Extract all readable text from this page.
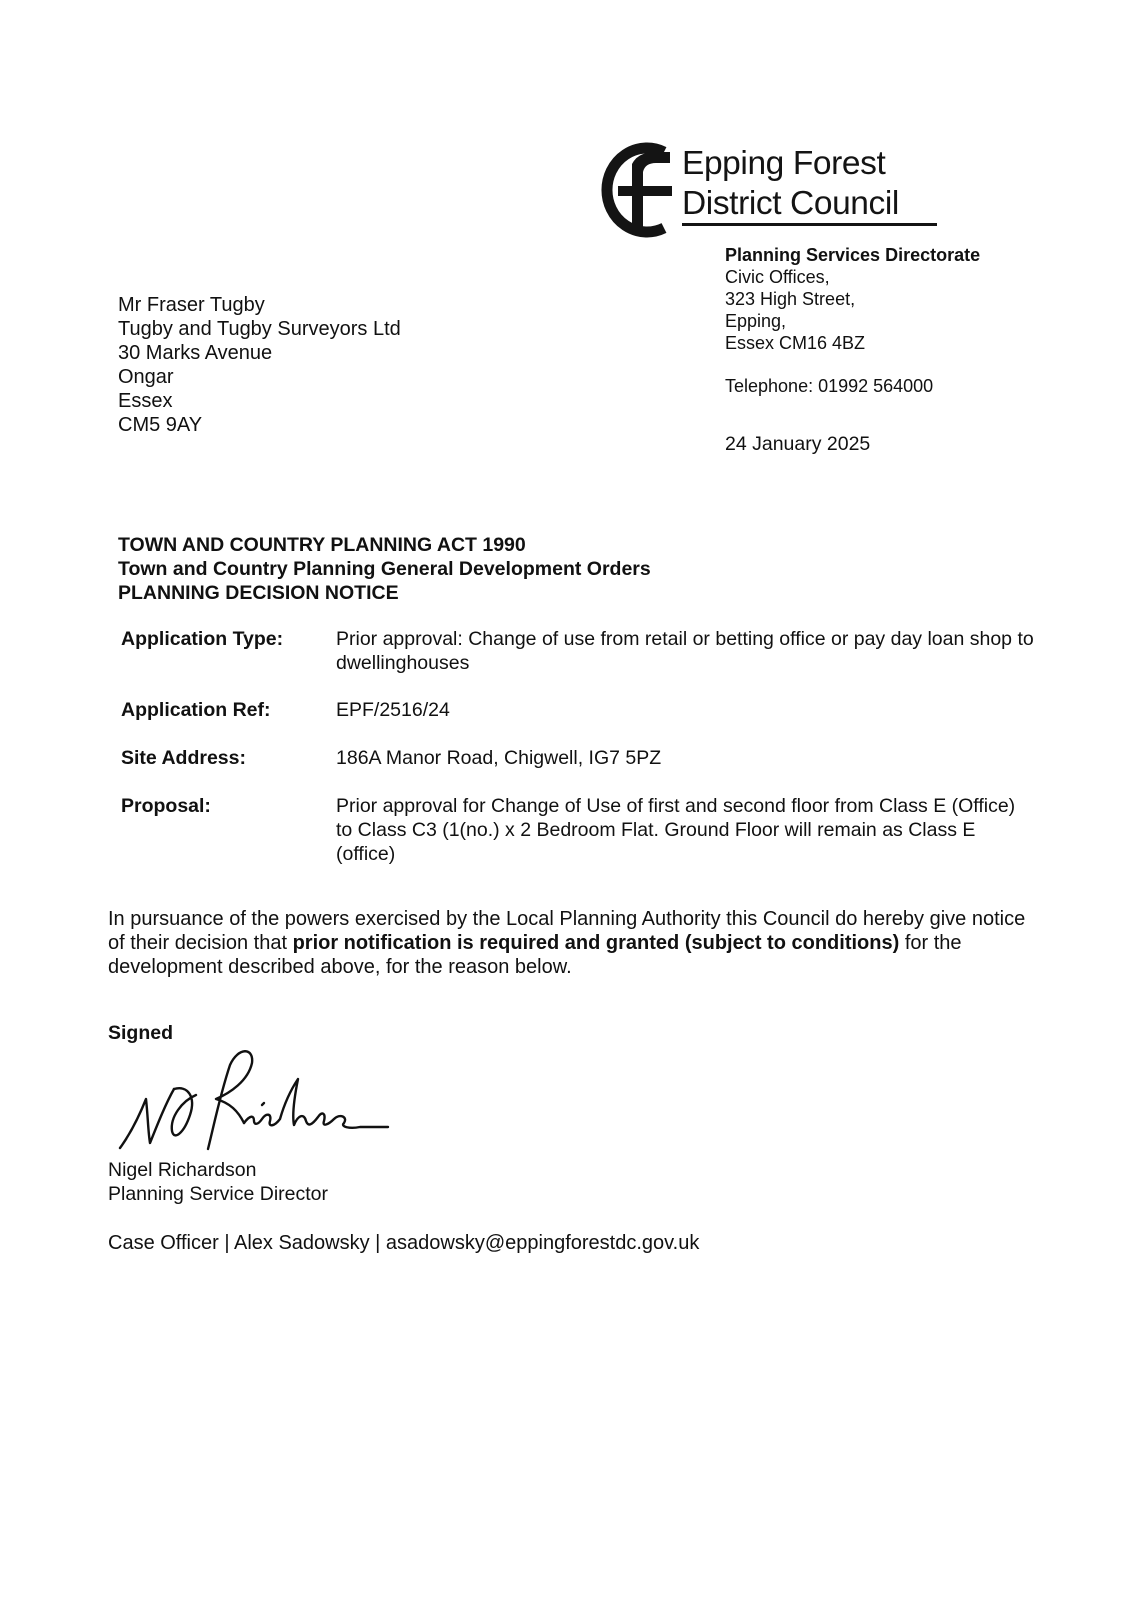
Epping Forest
District Council
Planning Services Directorate
Civic Offices,
323 High Street,
Epping,
Essex CM16 4BZ
Telephone: 01992 564000
24 January 2025
Mr Fraser Tugby
Tugby and Tugby Surveyors Ltd
30 Marks Avenue
Ongar
Essex
CM5 9AY
TOWN AND COUNTRY PLANNING ACT 1990
Town and Country Planning General Development Orders
PLANNING DECISION NOTICE
Application Type:	Prior approval: Change of use from retail or betting office or pay day loan shop to dwellinghouses
Application Ref:	EPF/2516/24
Site Address:	186A Manor Road, Chigwell, IG7 5PZ
Proposal:	Prior approval for Change of Use of first and second floor from Class E (Office) to Class C3 (1(no.) x 2 Bedroom Flat. Ground Floor will remain as Class E (office)
In pursuance of the powers exercised by the Local Planning Authority this Council do hereby give notice of their decision that prior notification is required and granted (subject to conditions) for the development described above, for the reason below.
Signed
Nigel Richardson
Planning Service Director
Case Officer | Alex Sadowsky | asadowsky@eppingforestdc.gov.uk
